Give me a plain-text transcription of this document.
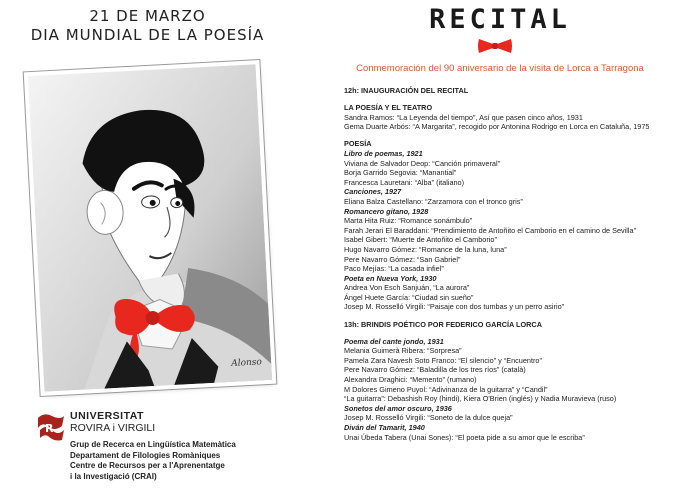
21 DE MARZO
DIA MUNDIAL DE LA POESÍA
Alonso
R
UNIVERSITAT
ROVIRA i VIRGILI
Grup de Recerca en Lingüística Matemàtica
Departament de Filologies Romàniques
Centre de Recursos per a l'Aprenentatge
i la Investigació (CRAI)
RECITAL
Conmemoración del 90 aniversario de la visita de Lorca a Tarragona
12h: INAUGURACIÓN DEL RECITAL
LA POESÍA Y EL TEATRO
Sandra Ramos: “La Leyenda del tiempo”, Así que pasen cinco años, 1931
Gema Duarte Arbós: “A Margarita”, recogido por Antonina Rodrigo en Lorca en Cataluña, 1975
POESÍA
Libro de poemas, 1921
Viviana de Salvador Deop: “Canción primaveral”
Borja Garrido Segovia: “Manantial”
Francesca Lauretani: “Alba” (italiano)
Canciones, 1927
Eliana Balza Castellano: “Zarzamora con el tronco gris”
Romancero gitano, 1928
Marta Hita Ruiz: “Romance sonámbulo”
Farah Jerari El Baraddani: “Prendimiento de Antoñito el Camborio en el camino de Sevilla”
Isabel Gibert: “Muerte de Antoñito el Camborio”
Hugo Navarro Gómez: “Romance de la luna, luna”
Pere Navarro Gómez: “San Gabriel”
Paco Mejías: “La casada infiel”
Poeta en Nueva York, 1930
Andrea Von Esch Sanjuán, “La aurora”
Ángel Huete García: “Ciudad sin sueño”
Josep M. Rosselló Virgili: “Paisaje con dos tumbas y un perro asirio”
13h: BRINDIS POÉTICO POR FEDERICO GARCÍA LORCA
Poema del cante jondo, 1931
Melania Guimerà Ribera: “Sorpresa”
Pamela Zara Navesh Soto Franco: “El silencio” y “Encuentro”
Pere Navarro Gómez: “Baladilla de los tres ríos” (català)
Alexandra Draghici: “Memento” (rumano)
M Dolores Gimeno Puyol: “Adivinanza de la guitarra” y “Candil”
“La guitarra”: Debashish Roy (hindi), Kiera O'Brien (inglés) y Nadia Muravieva (ruso)
Sonetos del amor oscuro, 1936
Josep M. Rosselló Virgili: “Soneto de la dulce queja”
Diván del Tamarit, 1940
Unai Úbeda Tabera (Unai Sones): “El poeta pide a su amor que le escriba”
